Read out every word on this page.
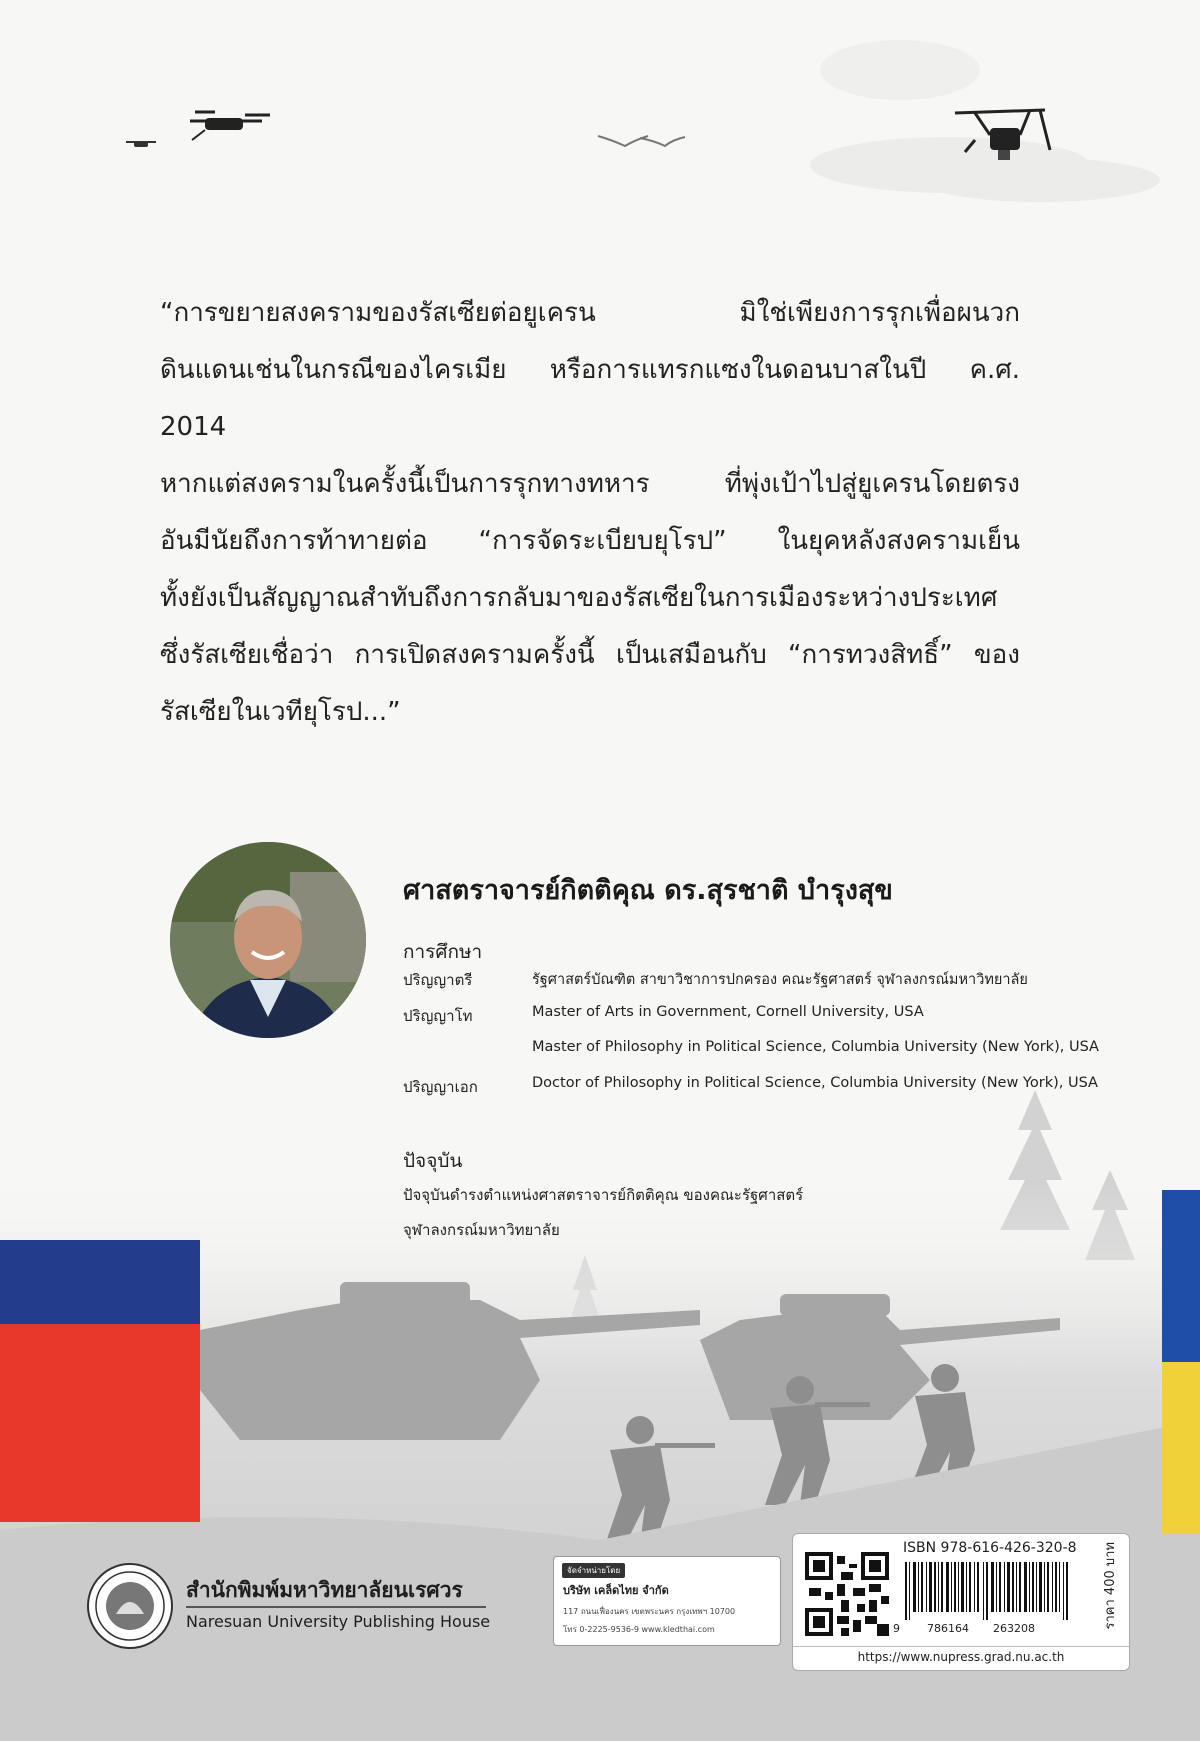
“การขยายสงครามของรัสเซียต่อยูเครน มิใช่เพียงการรุกเพื่อผนวก
ดินแดนเช่นในกรณีของไครเมีย หรือการแทรกแซงในดอนบาสในปี ค.ศ. 2014
หากแต่สงครามในครั้งนี้เป็นการรุกทางทหาร ที่พุ่งเป้าไปสู่ยูเครนโดยตรง
อันมีนัยถึงการท้าทายต่อ “การจัดระเบียบยุโรป” ในยุคหลังสงครามเย็น
ทั้งยังเป็นสัญญาณสำทับถึงการกลับมาของรัสเซียในการเมืองระหว่างประเทศ
ซึ่งรัสเซียเชื่อว่า การเปิดสงครามครั้งนี้ เป็นเสมือนกับ “การทวงสิทธิ์” ของ
รัสเซียในเวทียุโรป...”

ศาสตราจารย์กิตติคุณ ดร.สุรชาติ บำรุงสุข
การศึกษา
ปริญญาตรี	รัฐศาสตร์บัณฑิต สาขาวิชาการปกครอง คณะรัฐศาสตร์ จุฬาลงกรณ์มหาวิทยาลัย
ปริญญาโท	Master of Arts in Government, Cornell University, USA
Master of Philosophy in Political Science, Columbia University (New York), USA
ปริญญาเอก	Doctor of Philosophy in Political Science, Columbia University (New York), USA
ปัจจุบัน
ปัจจุบันดำรงตำแหน่งศาสตราจารย์กิตติคุณ ของคณะรัฐศาสตร์
จุฬาลงกรณ์มหาวิทยาลัย
สำนักพิมพ์มหาวิทยาลัยนเรศวร
Naresuan University Publishing House
จัดจำหน่ายโดย
บริษัท เคล็ดไทย จำกัด
117 ถนนเฟื่องนคร เขตพระนคร กรุงเทพฯ 10700
โทร 0-2225-9536-9 www.kledthai.com
ISBN 978-616-426-320-8
9 786164 263208	ราคา 400 บาท
https://www.nupress.grad.nu.ac.th
